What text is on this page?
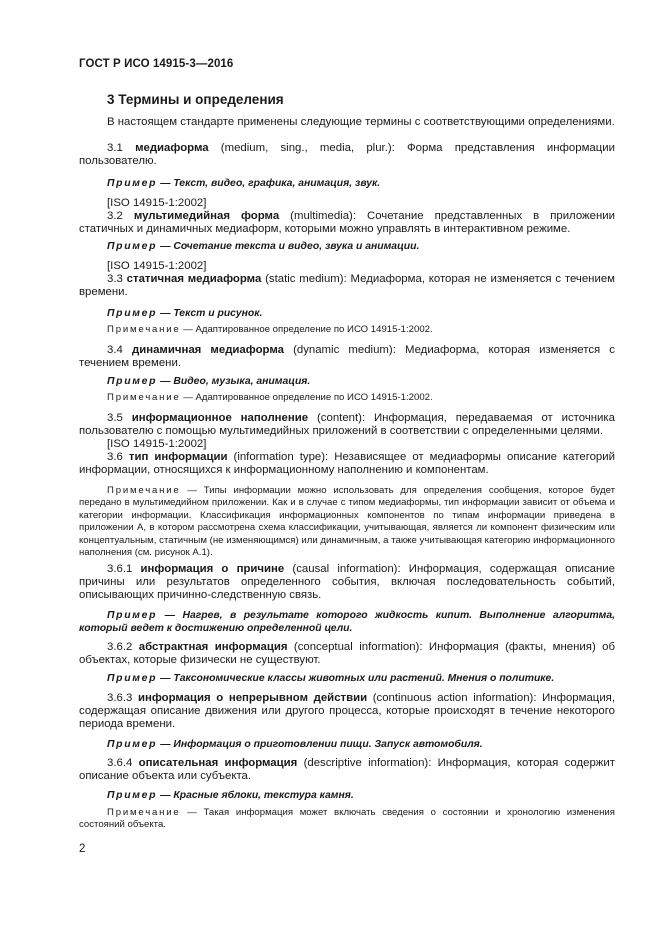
ГОСТ Р ИСО 14915-3—2016
3 Термины и определения

В настоящем стандарте применены следующие термины с соответствующими определениями.

3.1 медиаформа (medium, sing., media, plur.): Форма представления информации пользователю.

Пример — Текст, видео, графика, анимация, звук.

[ISO 14915-1:2002]

3.2 мультимедийная форма (multimedia): Сочетание представленных в приложении статичных и динамичных медиаформ, которыми можно управлять в интерактивном режиме.

Пример — Сочетание текста и видео, звука и анимации.

[ISO 14915-1:2002]

3.3 статичная медиаформа (static medium): Медиаформа, которая не изменяется с течением времени.

Пример — Текст и рисунок.

Примечание — Адаптированное определение по ИСО 14915-1:2002.

3.4 динамичная медиаформа (dynamic medium): Медиаформа, которая изменяется с течением времени.

Пример — Видео, музыка, анимация.

Примечание — Адаптированное определение по ИСО 14915-1:2002.

3.5 информационное наполнение (content): Информация, передаваемая от источника пользователю с помощью мультимедийных приложений в соответствии с определенными целями.

[ISO 14915-1:2002]

3.6 тип информации (information type): Независящее от медиаформы описание категорий информации, относящихся к информационному наполнению и компонентам.

Примечание — Типы информации можно использовать для определения сообщения, которое будет передано в мультимедийном приложении. Как и в случае с типом медиаформы, тип информации зависит от объема и категории информации. Классификация информационных компонентов по типам информации приведена в приложении А, в котором рассмотрена схема классификации, учитывающая, является ли компонент физическим или концептуальным, статичным (не изменяющимся) или динамичным, а также учитывающая категорию информационного наполнения (см. рисунок А.1).

3.6.1 информация о причине (causal information): Информация, содержащая описание причины или результатов определенного события, включая последовательность событий, описывающих причинно-следственную связь.

Пример — Нагрев, в результате которого жидкость кипит. Выполнение алгоритма, который ведет к достижению определенной цели.

3.6.2 абстрактная информация (conceptual information): Информация (факты, мнения) об объектах, которые физически не существуют.

Пример — Таксономические классы животных или растений. Мнения о политике.

3.6.3 информация о непрерывном действии (continuous action information): Информация, содержащая описание движения или другого процесса, которые происходят в течение некоторого периода времени.

Пример — Информация о приготовлении пищи. Запуск автомобиля.

3.6.4 описательная информация (descriptive information): Информация, которая содержит описание объекта или субъекта.

Пример — Красные яблоки, текстура камня.

Примечание — Такая информация может включать сведения о состоянии и хронологию изменения состояний объекта.

2
